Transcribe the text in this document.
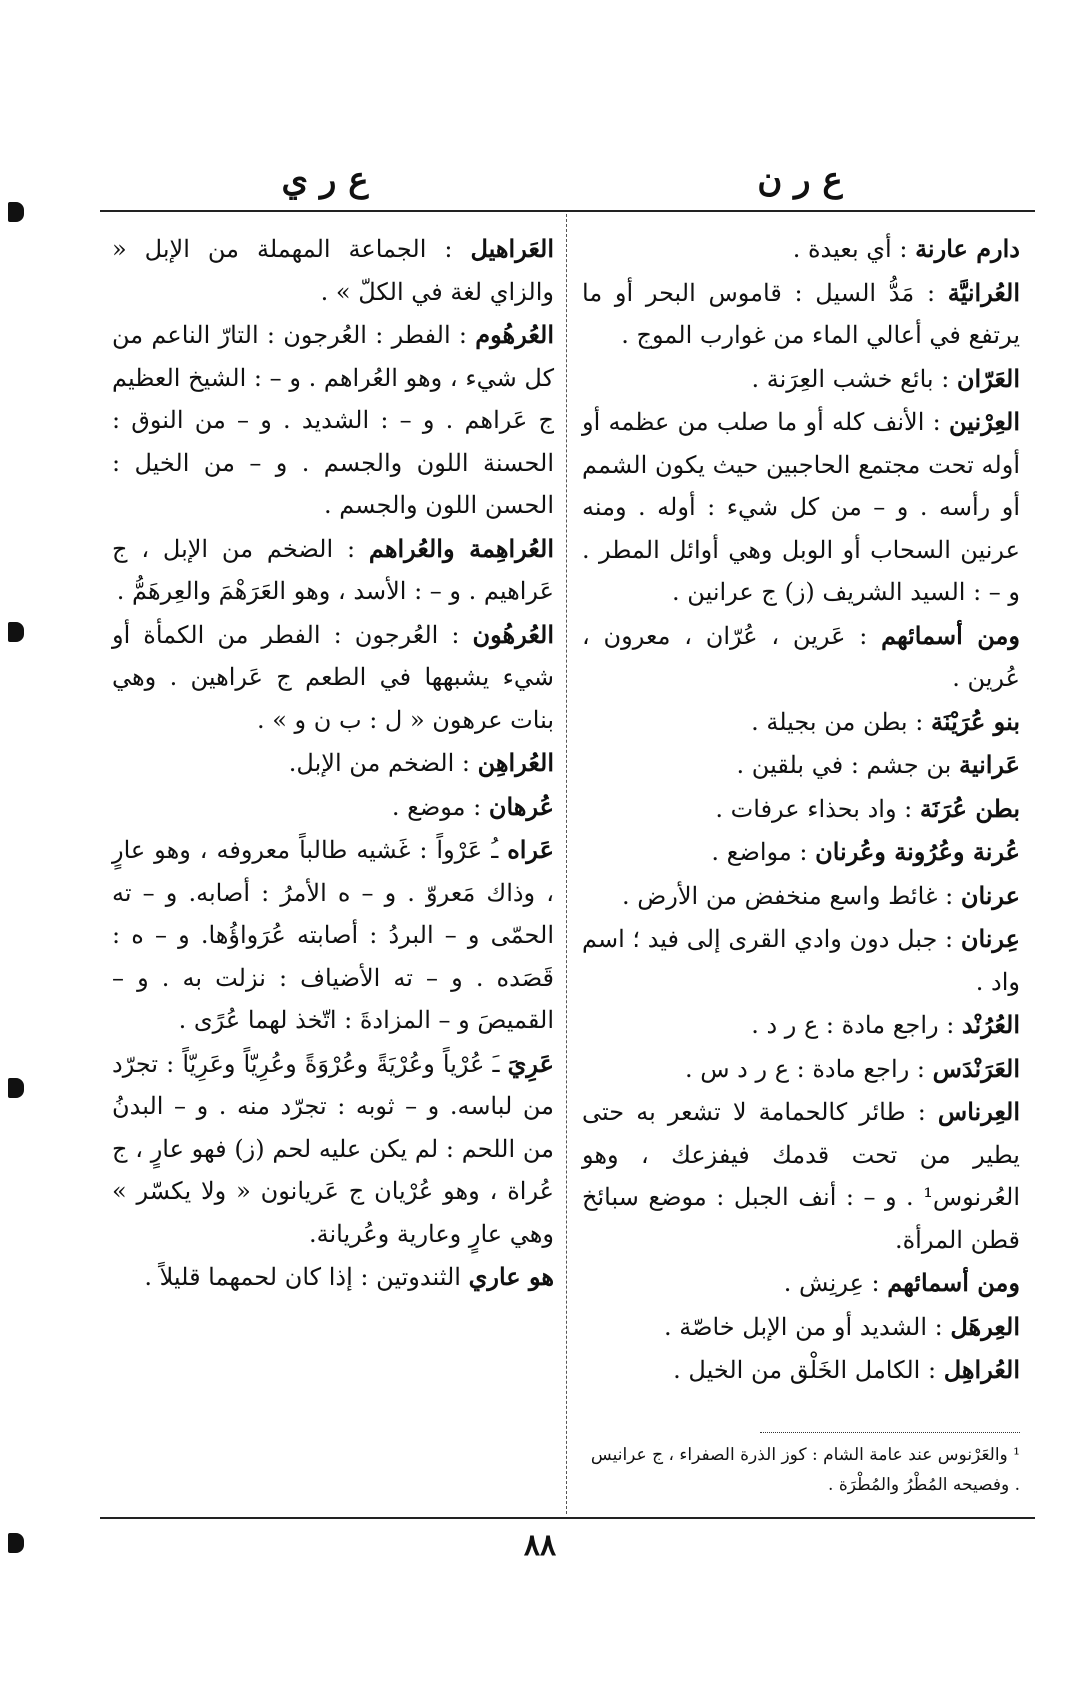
ع ر ن
ع ر ي

دارم عارنة : أي بعيدة .

العُرانيَّة : مَدُّ السيل : قاموس البحر أو ما يرتفع في أعالي الماء من غوارب الموج .

العَرّان : بائع خشب العِرَنة .

العِرْنين : الأنف كله أو ما صلب من عظمه أو أوله تحت مجتمع الحاجبين حيث يكون الشمم أو رأسه . و – من كل شيء : أوله . ومنه عرنين السحاب أو الوبل وهي أوائل المطر . و – : السيد الشريف (ز) ج عرانين .

ومن أسمائهم : عَرين ، عُرّان ، معرون ، عُرين .

بنو عُرَيْنَة : بطن من بجيلة .

عَرانية بن جشم : في بلقين .

بطن عُرَنَة : واد بحذاء عرفات .

عُرنة وعُرُونة وعُرنان : مواضع .

عرنان : غائط واسع منخفض من الأرض .

عِرنان : جبل دون وادي القرى إلى فيد ؛ اسم واد .

العُرُنْد : راجع مادة : ع ر د .

العَرَنْدَس : راجع مادة : ع ر د س .

العِرناس : طائر كالحمامة لا تشعر به حتى يطير من تحت قدمك فيفزعك ، وهو العُرنوس¹ . و – : أنف الجبل : موضع سبائخ قطن المرأة.

ومن أسمائهم : عِرنِش .

العِرهَل : الشديد أو من الإبل خاصّة .

العُراهِل : الكامل الخَلْق من الخيل .

العَراهيل : الجماعة المهملة من الإبل « والزاي لغة في الكلّ » .

العُرهُوم : الفطر : العُرجون : التارّ الناعم من كل شيء ، وهو العُراهم . و – : الشيخ العظيم ج عَراهم . و – : الشديد . و – من النوق : الحسنة اللون والجسم . و – من الخيل : الحسن اللون والجسم .

العُراهِمة والعُراهم : الضخم من الإبل ، ج عَراهيم . و – : الأسد ، وهو العَرَهْمَ والعِرهَمُّ .

العُرهُون : العُرجون : الفطر من الكمأة أو شيء يشبهها في الطعم ج عَراهين . وهي بنات عرهون « ل : ب ن و » .

العُراهِن : الضخم من الإبل.

عُرهان : موضع .

عَراه ـُ عَرْواً : غَشيه طالباً معروفه ، وهو عارٍ ، وذاك مَعروّ . و – ه الأمرُ : أصابه. و – ته الحمّى و – البردُ : أصابته عُرَواؤُها. و – ه : قَصَده . و – ته الأضياف : نزلت به . و – القميصَ و – المزادةَ : اتّخذ لهما عُرًى .

عَرِيَ ـَ عُرْياً وعُرْيَةً وعُرْوَةً وعُرِيّاً وعَرِيّاً : تجرّد من لباسه. و – ثوبه : تجرّد منه . و – البدنُ من اللحم : لم يكن عليه لحم (ز) فهو عارٍ ، ج عُراة ، وهو عُرْيان ج عَريانون « ولا يكسّر » وهي عارٍ وعارية وعُريانة.

هو عاري الثندوتين : إذا كان لحمهما قليلاً .

¹ والعَرْنوس عند عامة الشام : كوز الذرة الصفراء ، ج عرانيس . وفصيحه المُطْرُ والمُطْرَة .
٨٨
